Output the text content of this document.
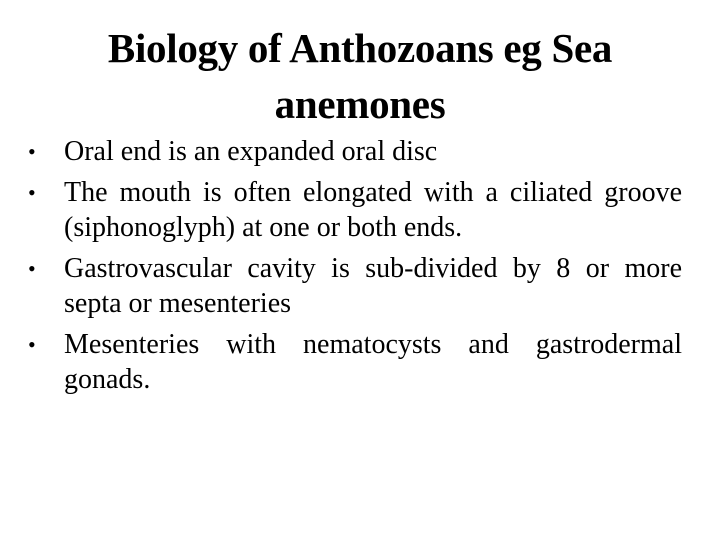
Biology of Anthozoans eg Sea anemones
•	Oral end is an expanded oral disc
•	The mouth is often elongated with a ciliated groove (siphonoglyph) at one or both ends.
•	Gastrovascular cavity is sub-divided by 8 or more septa or mesenteries
•	Mesenteries with nematocysts and gastrodermal gonads.
